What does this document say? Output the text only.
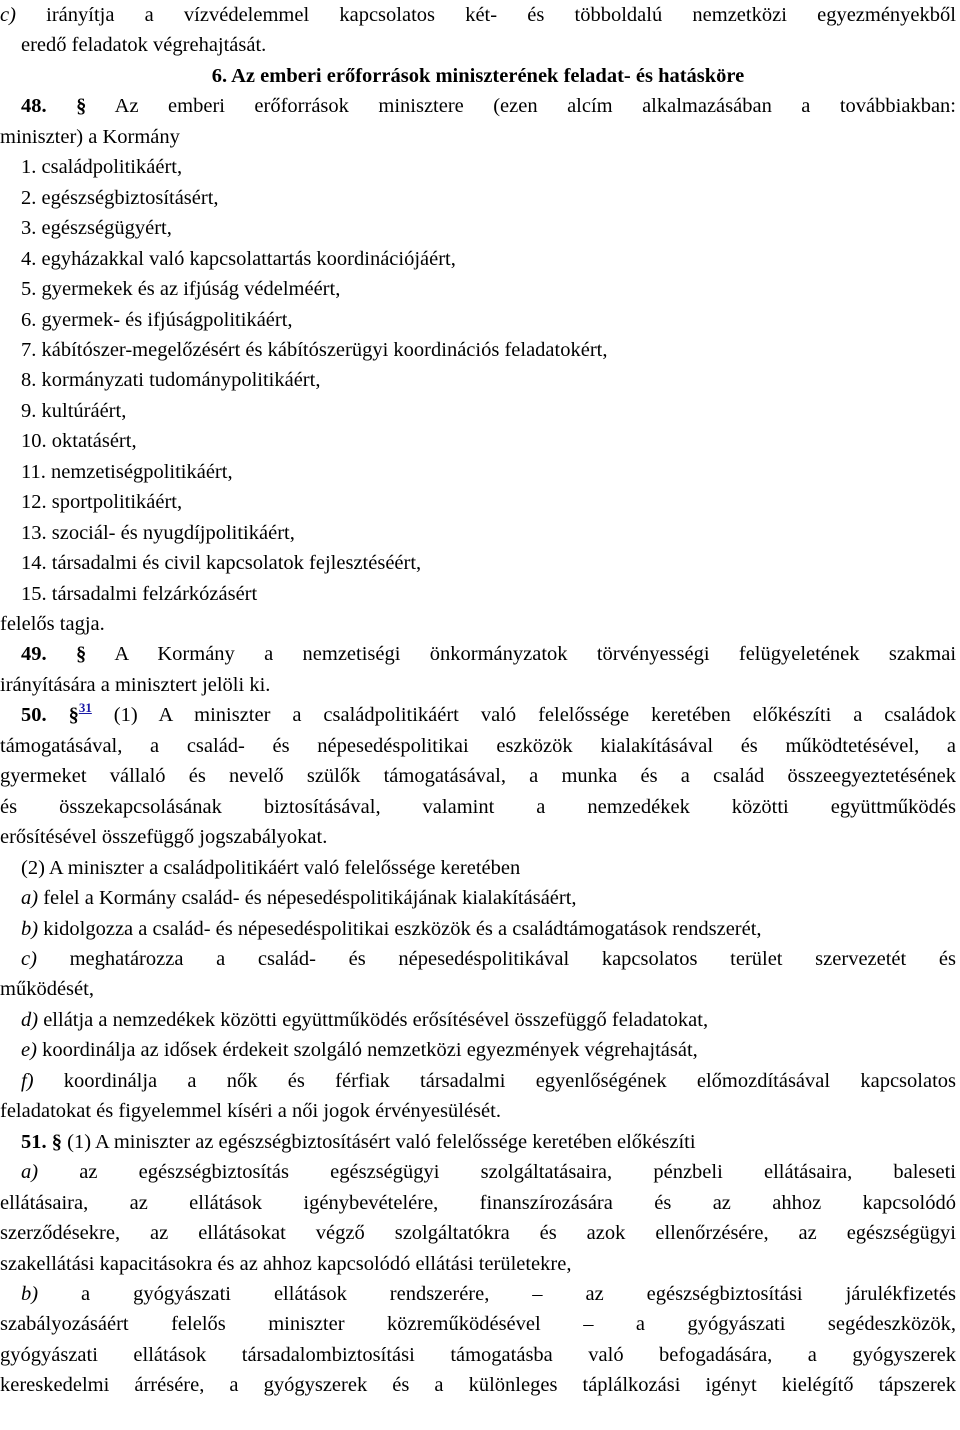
c) irányítja a vízvédelemmel kapcsolatos két- és többoldalú nemzetközi egyezményekből
eredő feladatok végrehajtását.
6. Az emberi erőforrások miniszterének feladat- és hatásköre
48. § Az emberi erőforrások minisztere (ezen alcím alkalmazásában a továbbiakban:
miniszter) a Kormány
1. családpolitikáért,
2. egészségbiztosításért,
3. egészségügyért,
4. egyházakkal való kapcsolattartás koordinációjáért,
5. gyermekek és az ifjúság védelméért,
6. gyermek- és ifjúságpolitikáért,
7. kábítószer-megelőzésért és kábítószerügyi koordinációs feladatokért,
8. kormányzati tudománypolitikáért,
9. kultúráért,
10. oktatásért,
11. nemzetiségpolitikáért,
12. sportpolitikáért,
13. szociál- és nyugdíjpolitikáért,
14. társadalmi és civil kapcsolatok fejlesztéséért,
15. társadalmi felzárkózásért
felelős tagja.
49. § A Kormány a nemzetiségi önkormányzatok törvényességi felügyeletének szakmai
irányítására a minisztert jelöli ki.
50. §$^{31}$ (1) A miniszter a családpolitikáért való felelőssége keretében előkészíti a családok
támogatásával, a család- és népesedéspolitikai eszközök kialakításával és működtetésével, a
gyermeket vállaló és nevelő szülők támogatásával, a munka és a család összeegyeztetésének
és összekapcsolásának biztosításával, valamint a nemzedékek közötti együttműködés
erősítésével összefüggő jogszabályokat.
(2) A miniszter a családpolitikáért való felelőssége keretében
a) felel a Kormány család- és népesedéspolitikájának kialakításáért,
b) kidolgozza a család- és népesedéspolitikai eszközök és a családtámogatások rendszerét,
c) meghatározza a család- és népesedéspolitikával kapcsolatos terület szervezetét és
működését,
d) ellátja a nemzedékek közötti együttműködés erősítésével összefüggő feladatokat,
e) koordinálja az idősek érdekeit szolgáló nemzetközi egyezmények végrehajtását,
f) koordinálja a nők és férfiak társadalmi egyenlőségének előmozdításával kapcsolatos
feladatokat és figyelemmel kíséri a női jogok érvényesülését.
51. § (1) A miniszter az egészségbiztosításért való felelőssége keretében előkészíti
a) az egészségbiztosítás egészségügyi szolgáltatásaira, pénzbeli ellátásaira, baleseti
ellátásaira, az ellátások igénybevételére, finanszírozására és az ahhoz kapcsolódó
szerződésekre, az ellátásokat végző szolgáltatókra és azok ellenőrzésére, az egészségügyi
szakellátási kapacitásokra és az ahhoz kapcsolódó ellátási területekre,
b) a gyógyászati ellátások rendszerére, – az egészségbiztosítási járulékfizetés
szabályozásáért felelős miniszter közreműködésével – a gyógyászati segédeszközök,
gyógyászati ellátások társadalombiztosítási támogatásba való befogadására, a gyógyszerek
kereskedelmi árrésére, a gyógyszerek és a különleges táplálkozási igényt kielégítő tápszerek
